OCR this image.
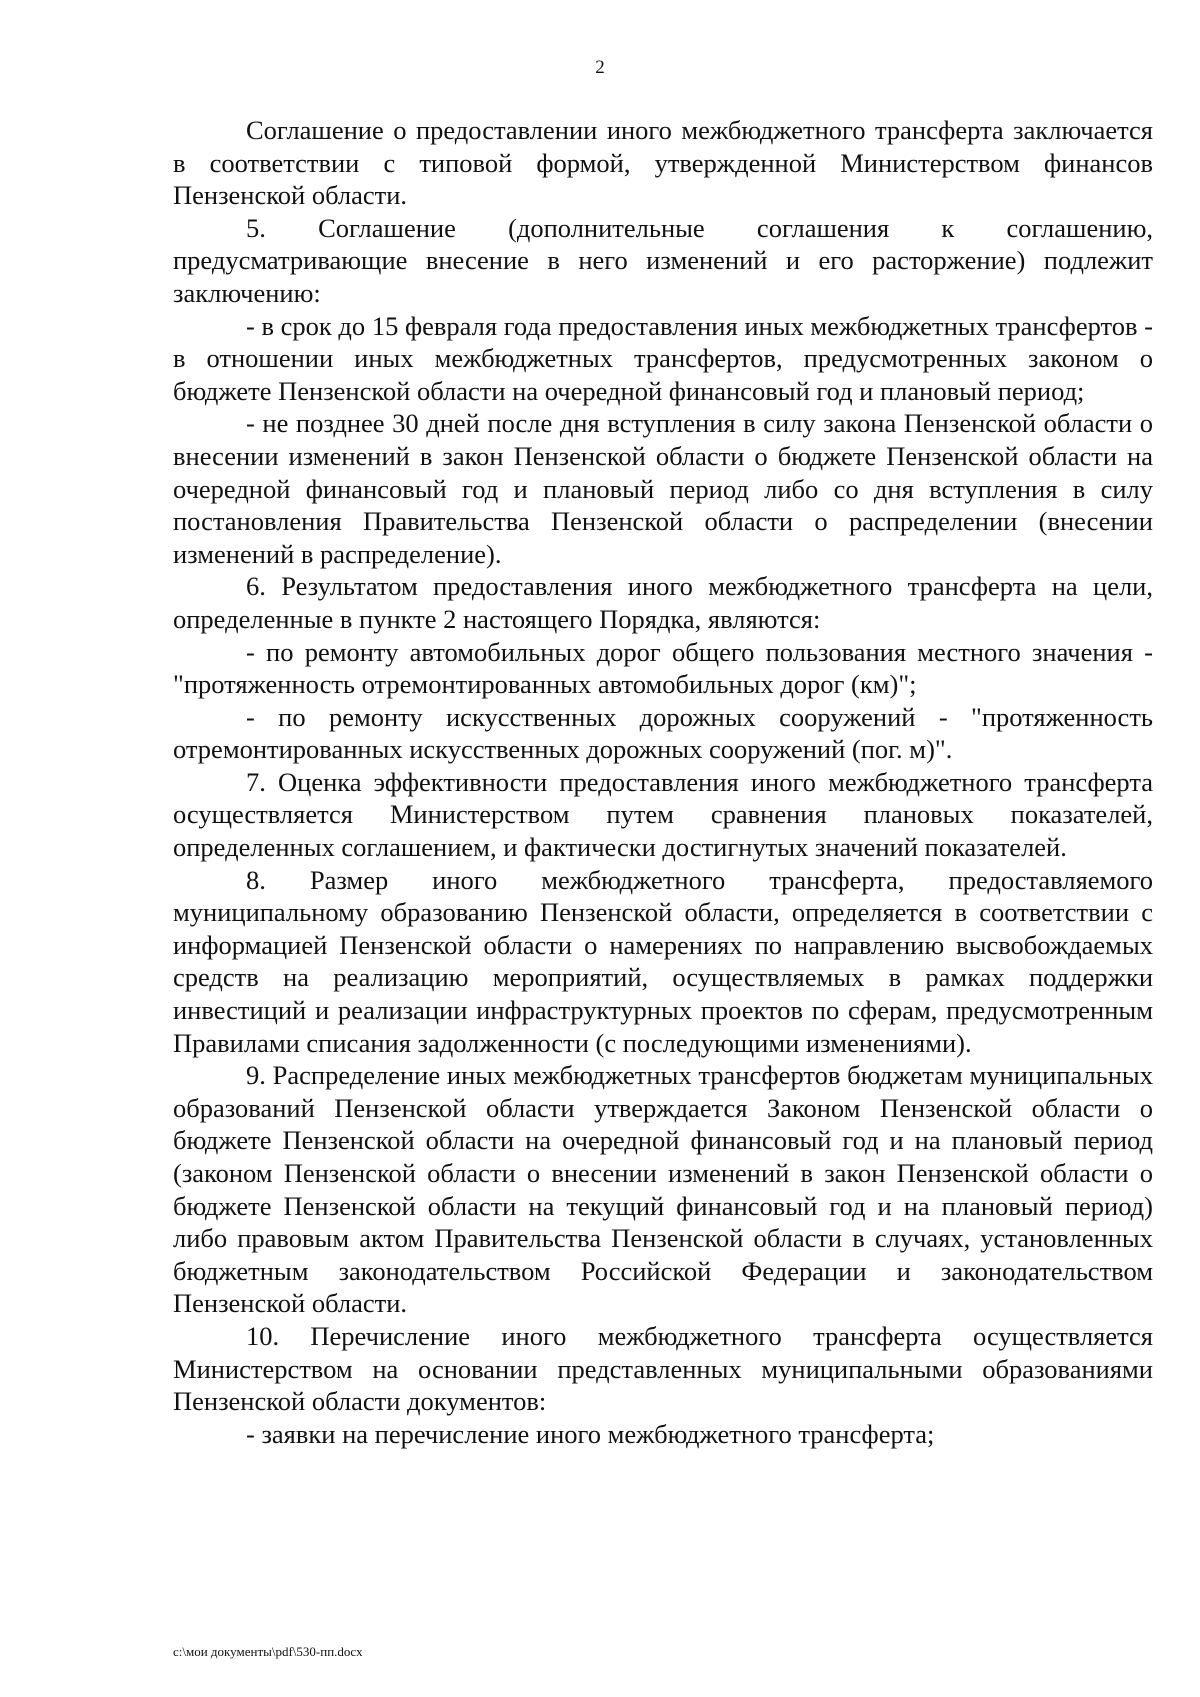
2

Соглашение о предоставлении иного межбюджетного трансферта заключается в соответствии с типовой формой, утвержденной Министерством финансов Пензенской области.

5. Соглашение (дополнительные соглашения к соглашению, предусматривающие внесение в него изменений и его расторжение) подлежит заключению:

- в срок до 15 февраля года предоставления иных межбюджетных трансфертов - в отношении иных межбюджетных трансфертов, предусмотренных законом о бюджете Пензенской области на очередной финансовый год и плановый период;

- не позднее 30 дней после дня вступления в силу закона Пензенской области о внесении изменений в закон Пензенской области о бюджете Пензенской области на очередной финансовый год и плановый период либо со дня вступления в силу постановления Правительства Пензенской области о распределении (внесении изменений в распределение).

6. Результатом предоставления иного межбюджетного трансферта на цели, определенные в пункте 2 настоящего Порядка, являются:

- по ремонту автомобильных дорог общего пользования местного значения - "протяженность отремонтированных автомобильных дорог (км)";

- по ремонту искусственных дорожных сооружений - "протяженность отремонтированных искусственных дорожных сооружений (пог. м)".

7. Оценка эффективности предоставления иного межбюджетного трансферта осуществляется Министерством путем сравнения плановых показателей, определенных соглашением, и фактически достигнутых значений показателей.

8. Размер иного межбюджетного трансферта, предоставляемого муниципальному образованию Пензенской области, определяется в соответствии с информацией Пензенской области о намерениях по направлению высвобождаемых средств на реализацию мероприятий, осуществляемых в рамках поддержки инвестиций и реализации инфраструктурных проектов по сферам, предусмотренным Правилами списания задолженности (с последующими изменениями).

9. Распределение иных межбюджетных трансфертов бюджетам муниципальных образований Пензенской области утверждается Законом Пензенской области о бюджете Пензенской области на очередной финансовый год и на плановый период (законом Пензенской области о внесении изменений в закон Пензенской области о бюджете Пензенской области на текущий финансовый год и на плановый период) либо правовым актом Правительства Пензенской области в случаях, установленных бюджетным законодательством Российской Федерации и законодательством Пензенской области.

10. Перечисление иного межбюджетного трансферта осуществляется Министерством на основании представленных муниципальными образованиями Пензенской области документов:

- заявки на перечисление иного межбюджетного трансферта;

c:\мои документы\pdf\530-пп.docx
